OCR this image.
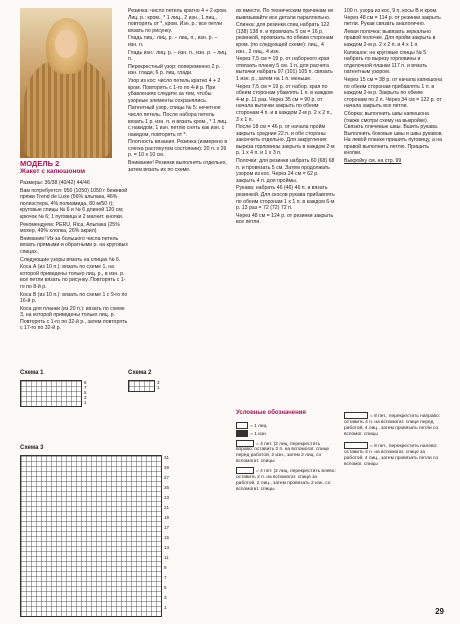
МОДЕЛЬ 2
Жакет с капюшоном

Размеры: 36/38 (40/42) 44/46

Вам потребуется: 950 (1050) 1050 г бежевой пряжи Trend de Luxe (56% альпака, 46% полиэстера, 4% полиамида, 80 м/50 г); круговые спицы № 6 и № 6 длиной 120 см; крючок № 6; 1 пуговица и 2 магнит. кнопки.

Рекомендуем: PERU, Rica, Альпака (25% мохер, 49% хлопка, 26% акрил)

Внимание! Из-за большого числа петель вязать прямыми и обратными р. на круговых спицах.

Следующие узоры вязать на спицах № 6.

Коса А (из 10 п.): вязать по схеме 1, на которой приведены только лиц. р., в изн. р. все петли вязать по рисунку. Повторять с 1-го по 8-й р.

Коса В (из 10 п.): вязать по схеме 1 с 9-го по 16-й р.

Коса для планки (из 20 п.): вязать по схеме 3, на которой приведены только лиц. р. Повторять с 1-го по 32-й р., затем повторять с 17-го по 32-й р.

Резинка: число петель кратно 4 + 2 кром. Лиц. р.: кром., * 1 лиц., 2 изн., 1 лиц., повторять от *, кром. Изн. р.: все петли вязать по рисунку.

Гладь лиц.: лиц. р. – лиц. п., изн. р. – изн. п.

Гладь изн.: лиц. р. – изн. п., изн. р. – лиц. п.

Перекрестный узор: попеременно 2 р. изн. глади, 6 р. лиц. глади.

Узор из кос: число петель кратно 4 + 2 кром. Повторять с 1-го по 4-й р. При убавлениях следите за тем, чтобы узорные элементы сохранялись.

Патентный узор, спицы № 5: нечетное число петель. После набора петель вязать 1 р. изн. п. и вязать кром., * 1 лиц. с накидом, 1 изн. петлю снять как изн. с накидом, повторять от *.

Плотность вязания. Резинка (измерено в слегка растянутом состоянии): 20 п. х 26 р. = 10 х 10 см.

Внимание! Резинки выполнять отдельно, затем вязать их по схеме.

их вместе. По техническим причинам не вывязывайте все детали параллельно.

Спинка: для резинки спиц набрать 122 (138) 138 п. и провязать 5 см = 16 р. резинкой, провязать по обеим сторонам кром. (по следующей схеме): лиц., 4 изн., 2 лиц., 4 изн.

Через 7,5 см = 19 р. от наборного края отвязать планку 5 см. 1 п. для расчета вытачки набрать 97 (101) 105 п. связать 1 изн. р., затем на 1 п. меньше.

Через 7,5 см = 19 р. от набор. края по обеим сторонам убавлять 1 п. в каждом 4-м р. 11 раз. Через 35 см = 90 р. от начала вытачки закрыть по обеим сторонам 4 п. и в каждом 2-м р. 2 х 2 п., 3 х 1 п.

После 18 см = 46 р. от начала пройм закрыть средние 22 п. и обе стороны закончить отдельно. Для закругления выреза горловины закрыть в каждом 2-м р. 1 х 4 п. и 1 х 3 п.

Полочки: для резинки набрать 60 (68) 68 п. и провязать 5 см. Затем продолжать узором из кос. Через 24 см = 62 р. закрыть 4 п. для проймы.

Рукава: набрать 46 (46) 46 п. и вязать резинкой. Для скосов рукава прибавлять по обеим сторонам 1 х 1 п. в каждом 6-м р. 13 раз = 72 (72) 72 п.

Через 48 см = 124 р. от резинки закрыть все петли.

100 п. узора из кос, 9 п. косы В и кром. Через 48 см = 114 р. от резинки закрыть петли. Рукав связать аналогично.

Левая полочка: вывязать зеркально правой полочке. Для пройм закрыть в каждом 2-м р. 2 х 2 п. и 4 х 1 п.

Капюшон: на круговые спицы № 5 набрать по вырезу горловины и отделочной планки 117 п. и вязать патентным узором.

Через 15 см = 38 р. от начала капюшона по обеим сторонам прибавлять 1 п. в каждом 2-м р. Закрыть по обеим сторонам по 2 п. Через 34 см = 122 р. от начала закрыть все петли.

Сборка: выполнить швы капюшона (также смотри схему на выкройке). Связать плечевые швы. Вшить рукава. Выполнить боковые швы и швы рукавов. На левой планке пришить пуговицу, а на правой выполнить петлю. Пришить кнопки.

Выкройку см. на стр. 99

Схема 1
8
7
5
3
1
Схема 2
3
1
Схема 3
31
29
27
25
23
21
19
17
15
13
11
9
7
5
3
1
Условные обозначения
= 1 лиц.
= 1 изн.
= 4 пет. (2 лиц. перекрестить вправо: оставить 2 п. на вспомогат. спице перед работой, 2 изн., затем 2 лиц. со вспомогат. спицы
= 4 пет. (2 лиц. перекрестить влево: оставить 2 п. на вспомогат. спице за работой, 2 лиц., затем провязать 2 изн. со вспомогат. спицы
= 8 пет., перекрестить направо: оставить 4 п. на вспомогат. спице перед работой, 4 лиц., затем провязать петли со вспомог. спицы
= 8 пет., перекрестить налево: оставить 4 п. на вспомогат. спице за работой, 4 лиц., затем провязать петли со вспомог. спицы
29
